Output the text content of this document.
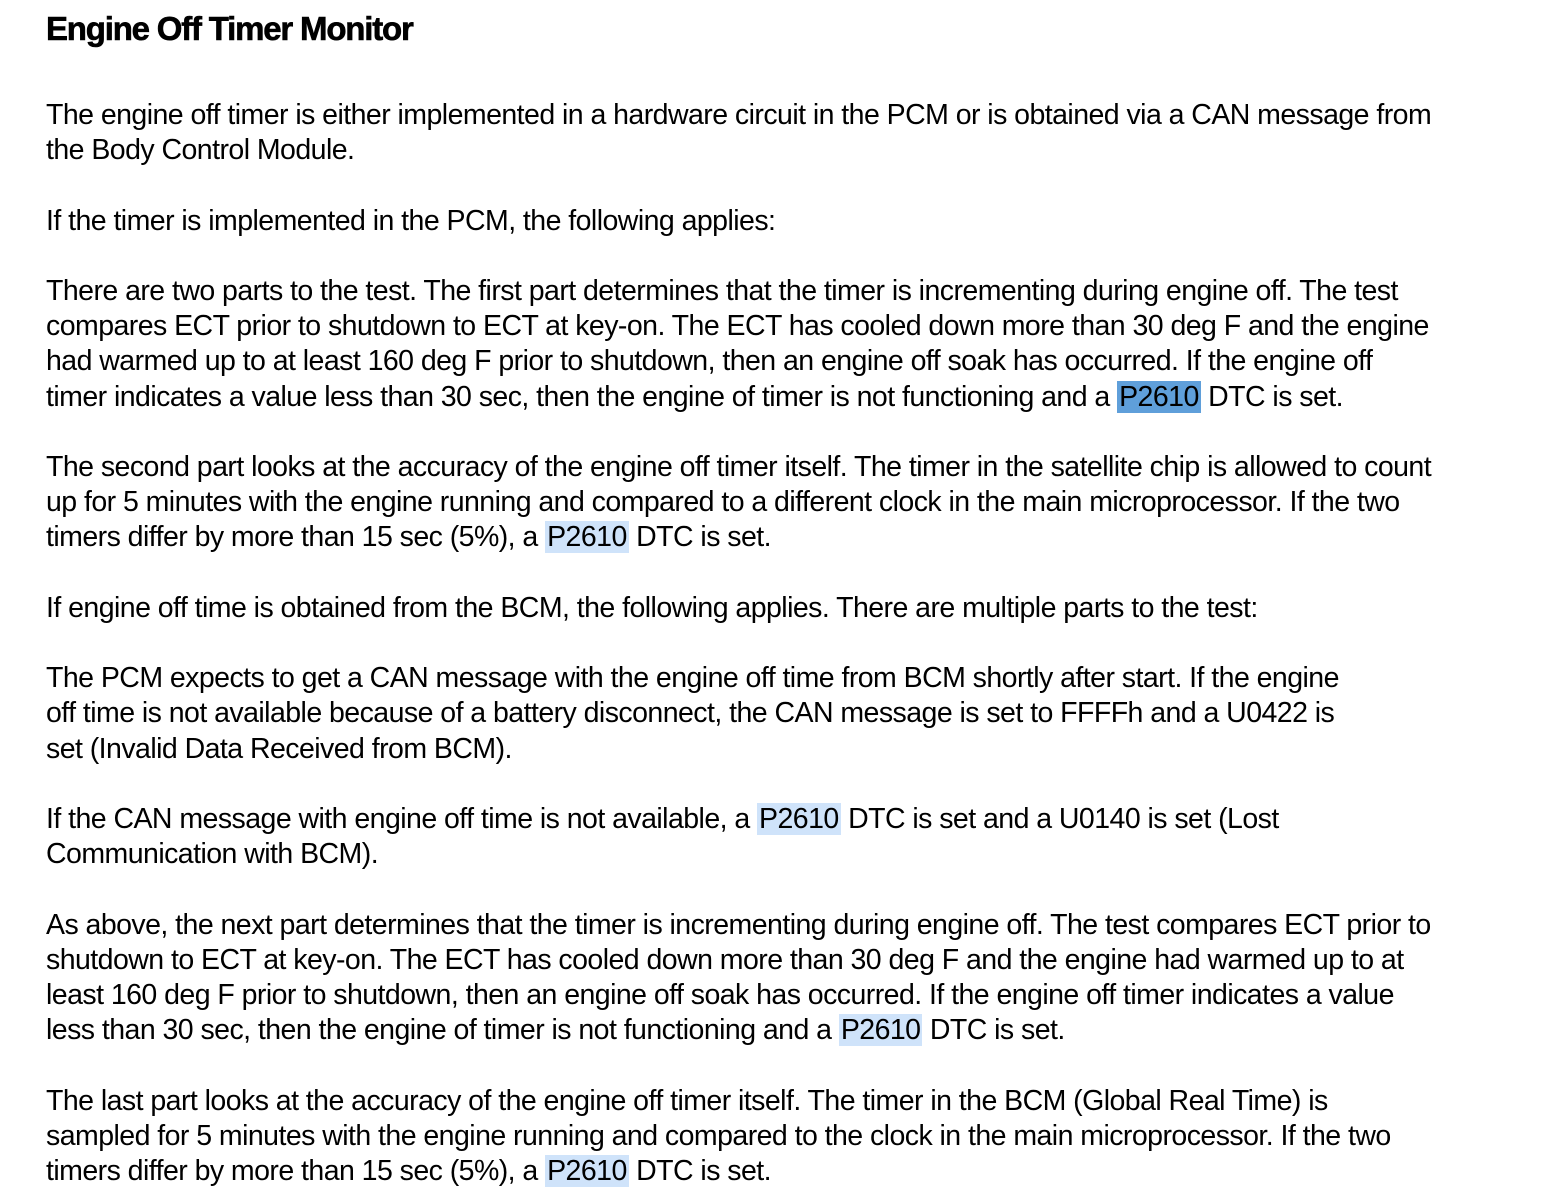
Engine Off Timer Monitor

The engine off timer is either implemented in a hardware circuit in the PCM or is obtained via a CAN message from
the Body Control Module.

If the timer is implemented in the PCM, the following applies:

There are two parts to the test. The first part determines that the timer is incrementing during engine off. The test
compares ECT prior to shutdown to ECT at key-on. The ECT has cooled down more than 30 deg F and the engine
had warmed up to at least 160 deg F prior to shutdown, then an engine off soak has occurred. If the engine off
timer indicates a value less than 30 sec, then the engine of timer is not functioning and a P2610 DTC is set.

The second part looks at the accuracy of the engine off timer itself. The timer in the satellite chip is allowed to count
up for 5 minutes with the engine running and compared to a different clock in the main microprocessor. If the two
timers differ by more than 15 sec (5%), a P2610 DTC is set.

If engine off time is obtained from the BCM, the following applies. There are multiple parts to the test:

The PCM expects to get a CAN message with the engine off time from BCM shortly after start. If the engine
off time is not available because of a battery disconnect, the CAN message is set to FFFFh and a U0422 is
set (Invalid Data Received from BCM).

If the CAN message with engine off time is not available, a P2610 DTC is set and a U0140 is set (Lost
Communication with BCM).

As above, the next part determines that the timer is incrementing during engine off. The test compares ECT prior to
shutdown to ECT at key-on. The ECT has cooled down more than 30 deg F and the engine had warmed up to at
least 160 deg F prior to shutdown, then an engine off soak has occurred. If the engine off timer indicates a value
less than 30 sec, then the engine of timer is not functioning and a P2610 DTC is set.

The last part looks at the accuracy of the engine off timer itself. The timer in the BCM (Global Real Time) is
sampled for 5 minutes with the engine running and compared to the clock in the main microprocessor. If the two
timers differ by more than 15 sec (5%), a P2610 DTC is set.
